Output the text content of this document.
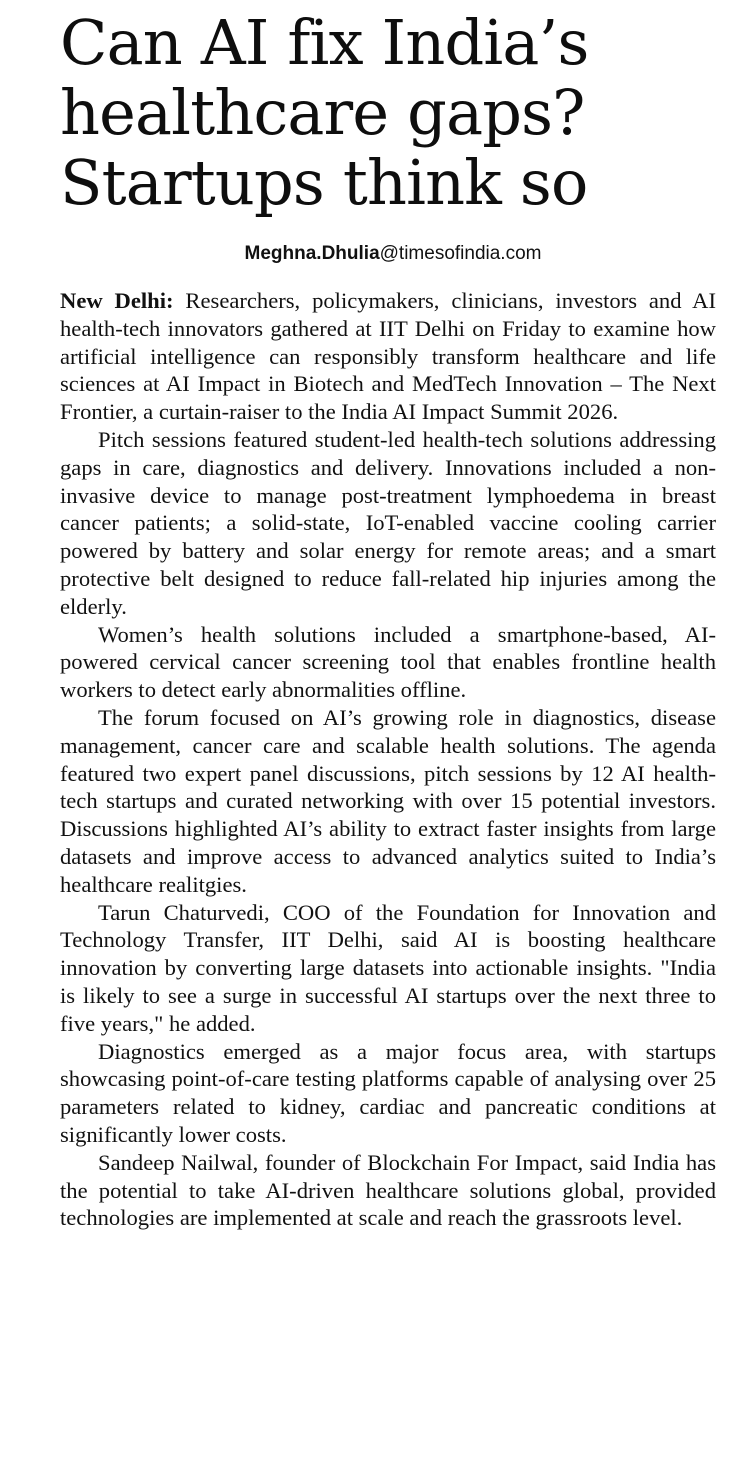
Can AI fix India’s
healthcare gaps?
Startups think so
Meghna.Dhulia@timesofindia.com

New Delhi: Researchers, policymakers, clinicians, investors and AI health-tech innovators gathered at IIT Delhi on Friday to examine how artificial intelligence can responsibly transform healthcare and life sciences at AI Impact in Biotech and MedTech Innovation – The Next Frontier, a curtain-raiser to the India AI Impact Summit 2026.

Pitch sessions featured student-led health-tech solutions addressing gaps in care, diagnostics and delivery. Innovations included a non-invasive device to manage post-treatment lymphoedema in breast cancer patients; a solid-state, IoT-enabled vaccine cooling carrier powered by battery and solar energy for remote areas; and a smart protective belt designed to reduce fall-related hip injuries among the elderly.

Women’s health solutions included a smartphone-based, AI-powered cervical cancer screening tool that enables frontline health workers to detect early abnormalities offline.

The forum focused on AI’s growing role in diagnostics, disease management, cancer care and scalable health solutions. The agenda featured two expert panel discussions, pitch sessions by 12 AI health-tech startups and curated networking with over 15 potential investors. Discussions highlighted AI’s ability to extract faster insights from large datasets and improve access to advanced analytics suited to India’s healthcare realitgies.

Tarun Chaturvedi, COO of the Foundation for Innovation and Technology Transfer, IIT Delhi, said AI is boosting healthcare innovation by converting large datasets into actionable insights. "India is likely to see a surge in successful AI startups over the next three to five years," he added.

Diagnostics emerged as a major focus area, with startups showcasing point-of-care testing platforms capable of analysing over 25 parameters related to kidney, cardiac and pancreatic conditions at significantly lower costs.

Sandeep Nailwal, founder of Blockchain For Impact, said India has the potential to take AI-driven healthcare solutions global, provided technologies are implemented at scale and reach the grassroots level.
